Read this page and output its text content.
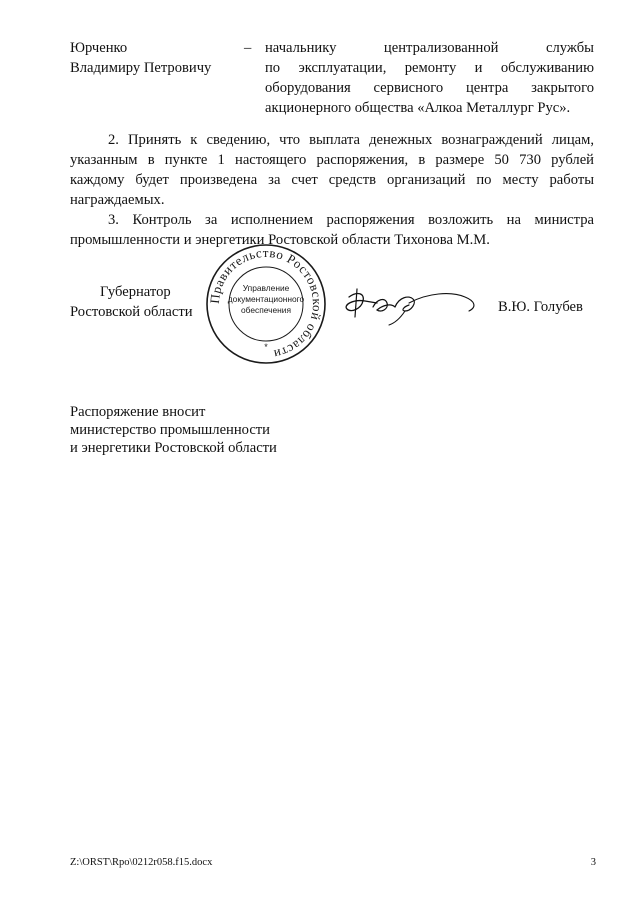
Юрченко
Владимиру Петровичу
– начальнику централизованной службы
по эксплуатации, ремонту и обслуживанию
оборудования сервисного центра закрытого
акционерного общества «Алкоа Металлург Рус».
2. Принять к сведению, что выплата денежных вознаграждений лицам,
указанным в пункте 1 настоящего распоряжения, в размере 50 730 рублей
каждому будет произведена за счет средств организаций по месту работы
награждаемых.
3. Контроль за исполнением распоряжения возложить на министра
промышленности и энергетики Ростовской области Тихонова М.М.
Губернатор
Ростовской области
Правительство Ростовской области
Управление
документационного
обеспечения
*
В.Ю. Голубев
Распоряжение вносит
министерство промышленности
и энергетики Ростовской области
Z:\ORST\Rpo\0212r058.f15.docx	3
